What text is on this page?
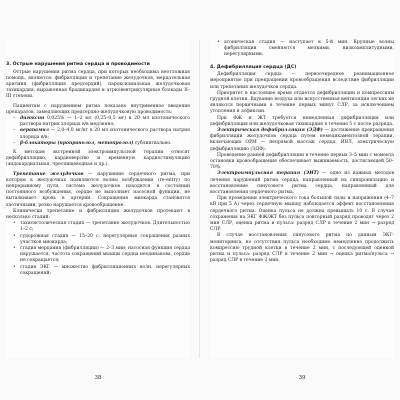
3. Острые нарушения ритма сердца и проводимости

Острые нарушения ритма сердца, при которых необходима неотложная помощь, являются: фибрилляция и трепетание желудочков, мерцательная аритмия (фибрилляция предсердий), пароксизмальная желудочковая тахикардия, выраженная брадикардия и атриовентрикулярные блокады II–III степени.

Пациентам с нарушением ритма показано внутривенное введение препаратов, замедляющих предсердно-желудочковую проводимость:

– дигоксин 0,025% — 1–2 мл (0,25–0,5 мг) в 20 мл изотонического раствора натрия хлорида в/в медленно;

– верапамил — 2,0–4,0 мг/кг в 20 мл изотонического раствора натрия хлорида в/в;

– β-блокаторы (пропранолол, метопролол) сублингвально.

К методам экстренной электроимпульсной терапии относят дефибрилляцию, кардиоверсию и временную кардиостимуляцию (эндокардиальная, чреспищеводная и др.).

Трепетание желудочков — нарушение сердечного ритма, при котором в желудочках появляются волны возбуждения (re-entry) по непрерывному пути, система желудочков находится в состоянии постоянного возбуждения, сердце не выполняет насосной функции, не выталкивает кровь в артерии. Сокращения миокарда становятся хаотичными, резко нарушается кровообращение.

Клинически трепетание и фибрилляция желудочков протекают в несколько стадий:

• тахисистолическая стадия — трепетание желудочков. Длительностью 1–2 с;

• судорожная стадия — 15–20 с, нерегулярные сокращения разных участков миокарда;

• стадия мерцания (фибрилляции) — 2–3 мин; насосная функция сердца нарушается, частота сокращений мышцы сердца неодинакова, сердце не сокращается;

• стадия ЭКГ — множество фибрилляционных волн, нерегулярных сокращений;

38

• атоническая стадия — наступает к 5-й мин. Крупные волны фибрилляции сменяются мелкими, низкоамплитудными, нерегулярными.

4. Дефибрилляция сердца (ДС)

Дефибрилляция сердца — первоочередное реанимационное мероприятие при прекращении кровообращения вследствие фибрилляции или трепетания желудочков сердца.

Приоритет в настоящее время отдается дефибрилляции и компрессиям грудной клетки. Вдувание воздуха или искусственная вентиляция легких не являются первичными в течение первых минут СЛР, за исключением утопления и асфиксии.

При ФЖ и ЖТ требуется немедленная дефибрилляция или дефибрилляция или желудочковая тахикардия в течение 5 с после разряда.

Электрическая дефибрилляция (ЭДФ) — достижение прекращения фибрилляции желудочков сердца путем немедикаментозной терапии, включающих ОРМ — непрямой массаж сердца, ИВЛ, электрическую дефибрилляцию (ЭДФ).

Проведение ранней дефибрилляции в течение первых 3–5 мин с момента остановки кровообращения обеспечивает выживаемость, достигающей 50–70%.

Электроимпульсная терапия (ЭИТ) — одно из важных методов лечения нарушений ритма сердца, направленный на синхронизацию и восстановление синусового ритма сердца, направленный для восстановления сердечного ритма.

При проведении электрического тока большой силы и напряжения (4–7 кВ при 5 А) через сердечную мышцу наблюдается эффект восстановления сердечного ритма. Оценка пульса не должна превышать 10 с. В случае сохранения на ЭКГ ФЖ/ЖТ без пульса повторный разряд проводят через 2 мин СЛР, оценка ритма и пульса: разряд СЛР в течение 2 мин → разряд СЛР.

В случае восстановления синусового ритма по данным ЭКГ-мониторинга, но отсутствия пульса необходимо немедленно продолжить компрессию грудной клетки в течение 2 мин, с последующей оценкой ритма и пульса: разряд СЛР в течение 2 мин → оценка ритма/пульса → разряд СЛР в течение 2 мин.

39
